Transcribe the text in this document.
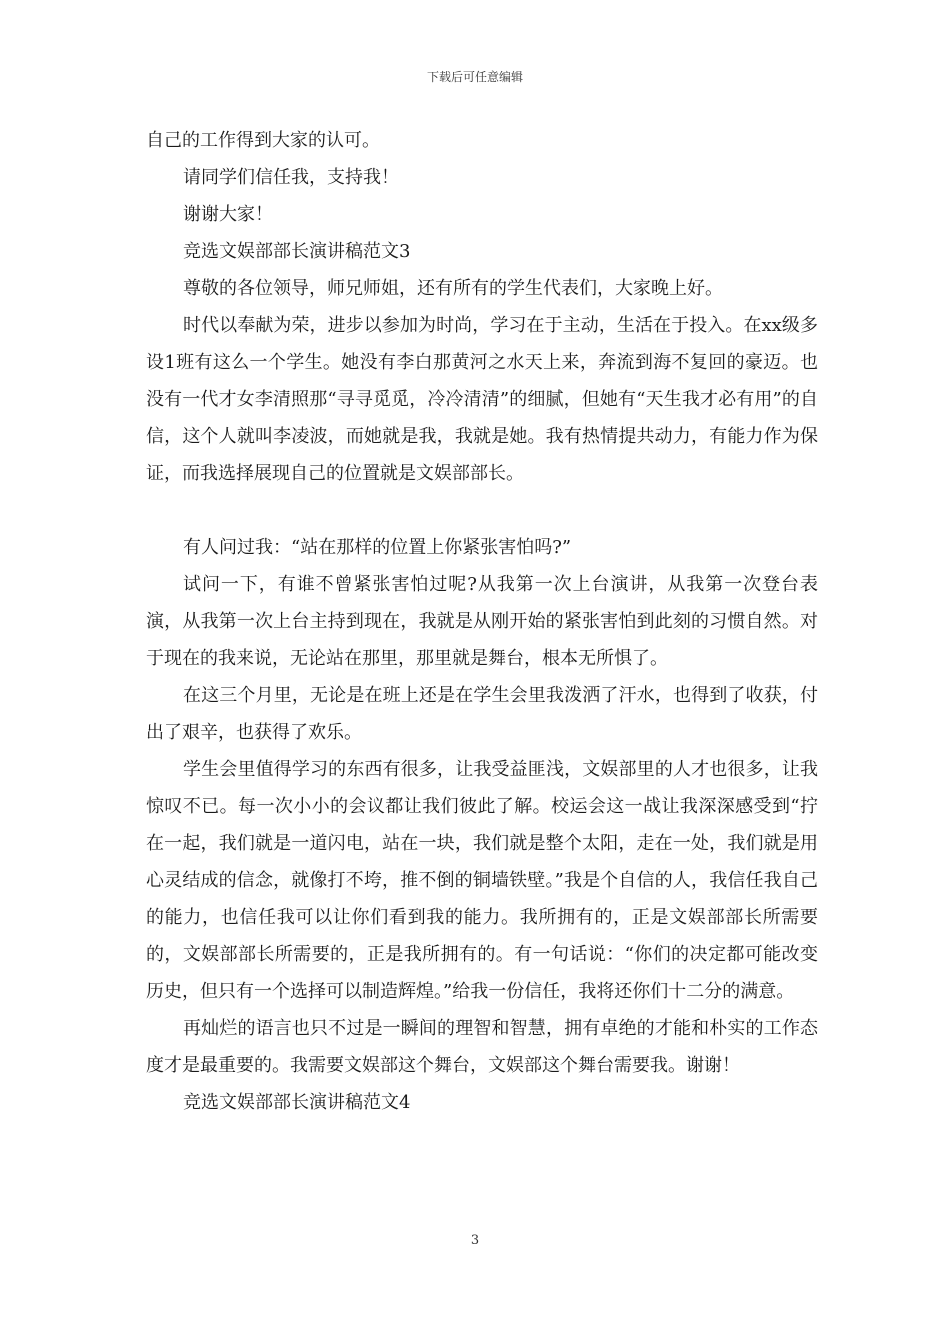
下载后可任意编辑

自己的工作得到大家的认可。

请同学们信任我，支持我！

谢谢大家！

竞选文娱部部长演讲稿范文3

尊敬的各位领导，师兄师姐，还有所有的学生代表们，大家晚上好。

时代以奉献为荣，进步以参加为时尚，学习在于主动，生活在于投入。在xx级多设1班有这么一个学生。她没有李白那黄河之水天上来，奔流到海不复回的豪迈。也没有一代才女李清照那“寻寻觅觅，冷冷清清”的细腻，但她有“天生我才必有用”的自信，这个人就叫李凌波，而她就是我，我就是她。我有热情提共动力，有能力作为保证，而我选择展现自己的位置就是文娱部部长。

有人问过我：“站在那样的位置上你紧张害怕吗?”

试问一下，有谁不曾紧张害怕过呢?从我第一次上台演讲，从我第一次登台表演，从我第一次上台主持到现在，我就是从刚开始的紧张害怕到此刻的习惯自然。对于现在的我来说，无论站在那里，那里就是舞台，根本无所惧了。

在这三个月里，无论是在班上还是在学生会里我泼洒了汗水，也得到了收获，付出了艰辛，也获得了欢乐。

学生会里值得学习的东西有很多，让我受益匪浅，文娱部里的人才也很多，让我惊叹不已。每一次小小的会议都让我们彼此了解。校运会这一战让我深深感受到“拧在一起，我们就是一道闪电，站在一块，我们就是整个太阳，走在一处，我们就是用心灵结成的信念，就像打不垮，推不倒的铜墙铁壁。”我是个自信的人，我信任我自己的能力，也信任我可以让你们看到我的能力。我所拥有的，正是文娱部部长所需要的，文娱部部长所需要的，正是我所拥有的。有一句话说：“你们的决定都可能改变历史，但只有一个选择可以制造辉煌。”给我一份信任，我将还你们十二分的满意。

再灿烂的语言也只不过是一瞬间的理智和智慧，拥有卓绝的才能和朴实的工作态度才是最重要的。我需要文娱部这个舞台，文娱部这个舞台需要我。谢谢！

竞选文娱部部长演讲稿范文4

3
